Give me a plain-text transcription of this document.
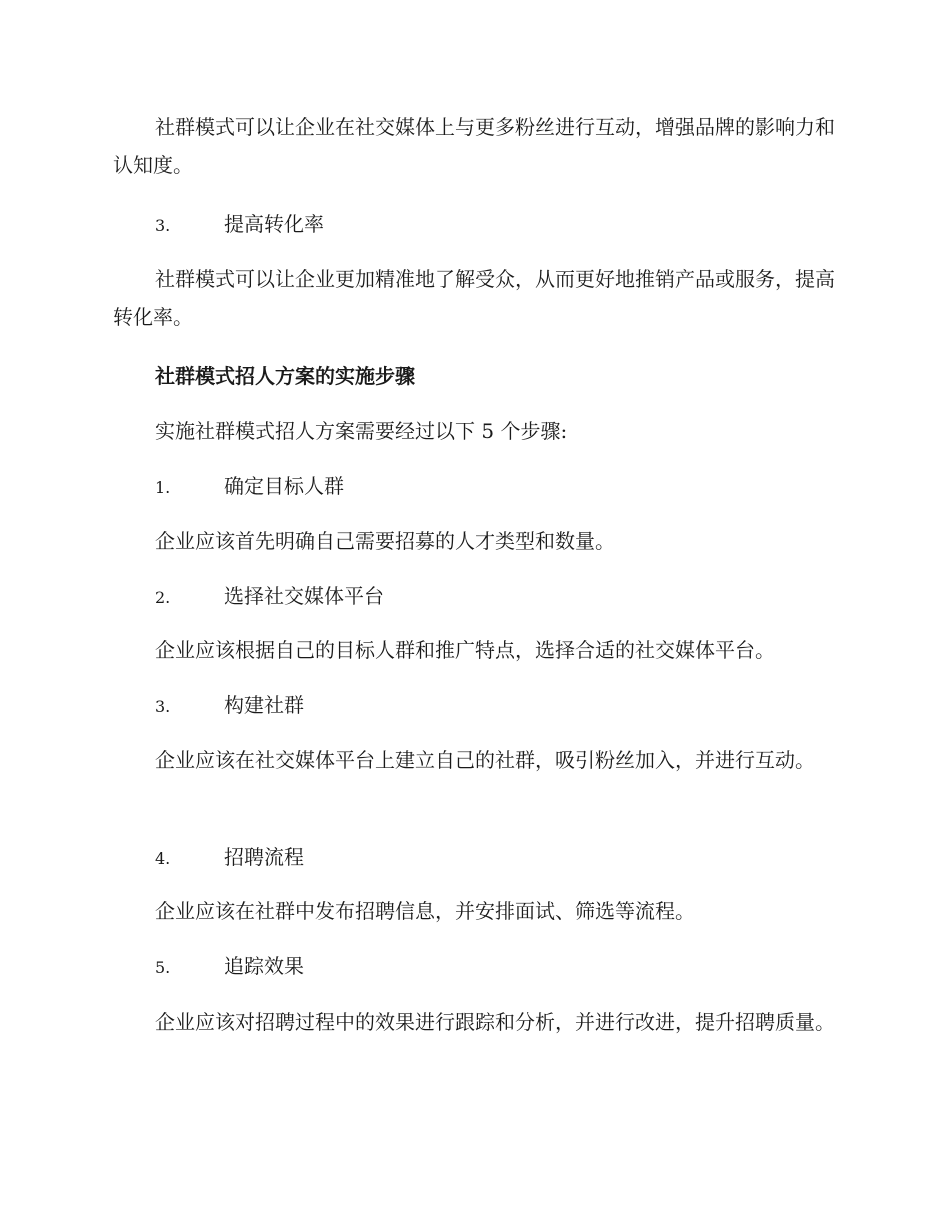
社群模式可以让企业在社交媒体上与更多粉丝进行互动，增强品牌的影响力和认知度。

3.	提高转化率

社群模式可以让企业更加精准地了解受众，从而更好地推销产品或服务，提高转化率。

社群模式招人方案的实施步骤

实施社群模式招人方案需要经过以下 5 个步骤:

1.	确定目标人群

企业应该首先明确自己需要招募的人才类型和数量。

2.	选择社交媒体平台

企业应该根据自己的目标人群和推广特点，选择合适的社交媒体平台。

3.	构建社群

企业应该在社交媒体平台上建立自己的社群，吸引粉丝加入，并进行互动。

4.	招聘流程

企业应该在社群中发布招聘信息，并安排面试、筛选等流程。

5.	追踪效果

企业应该对招聘过程中的效果进行跟踪和分析，并进行改进，提升招聘质量。
